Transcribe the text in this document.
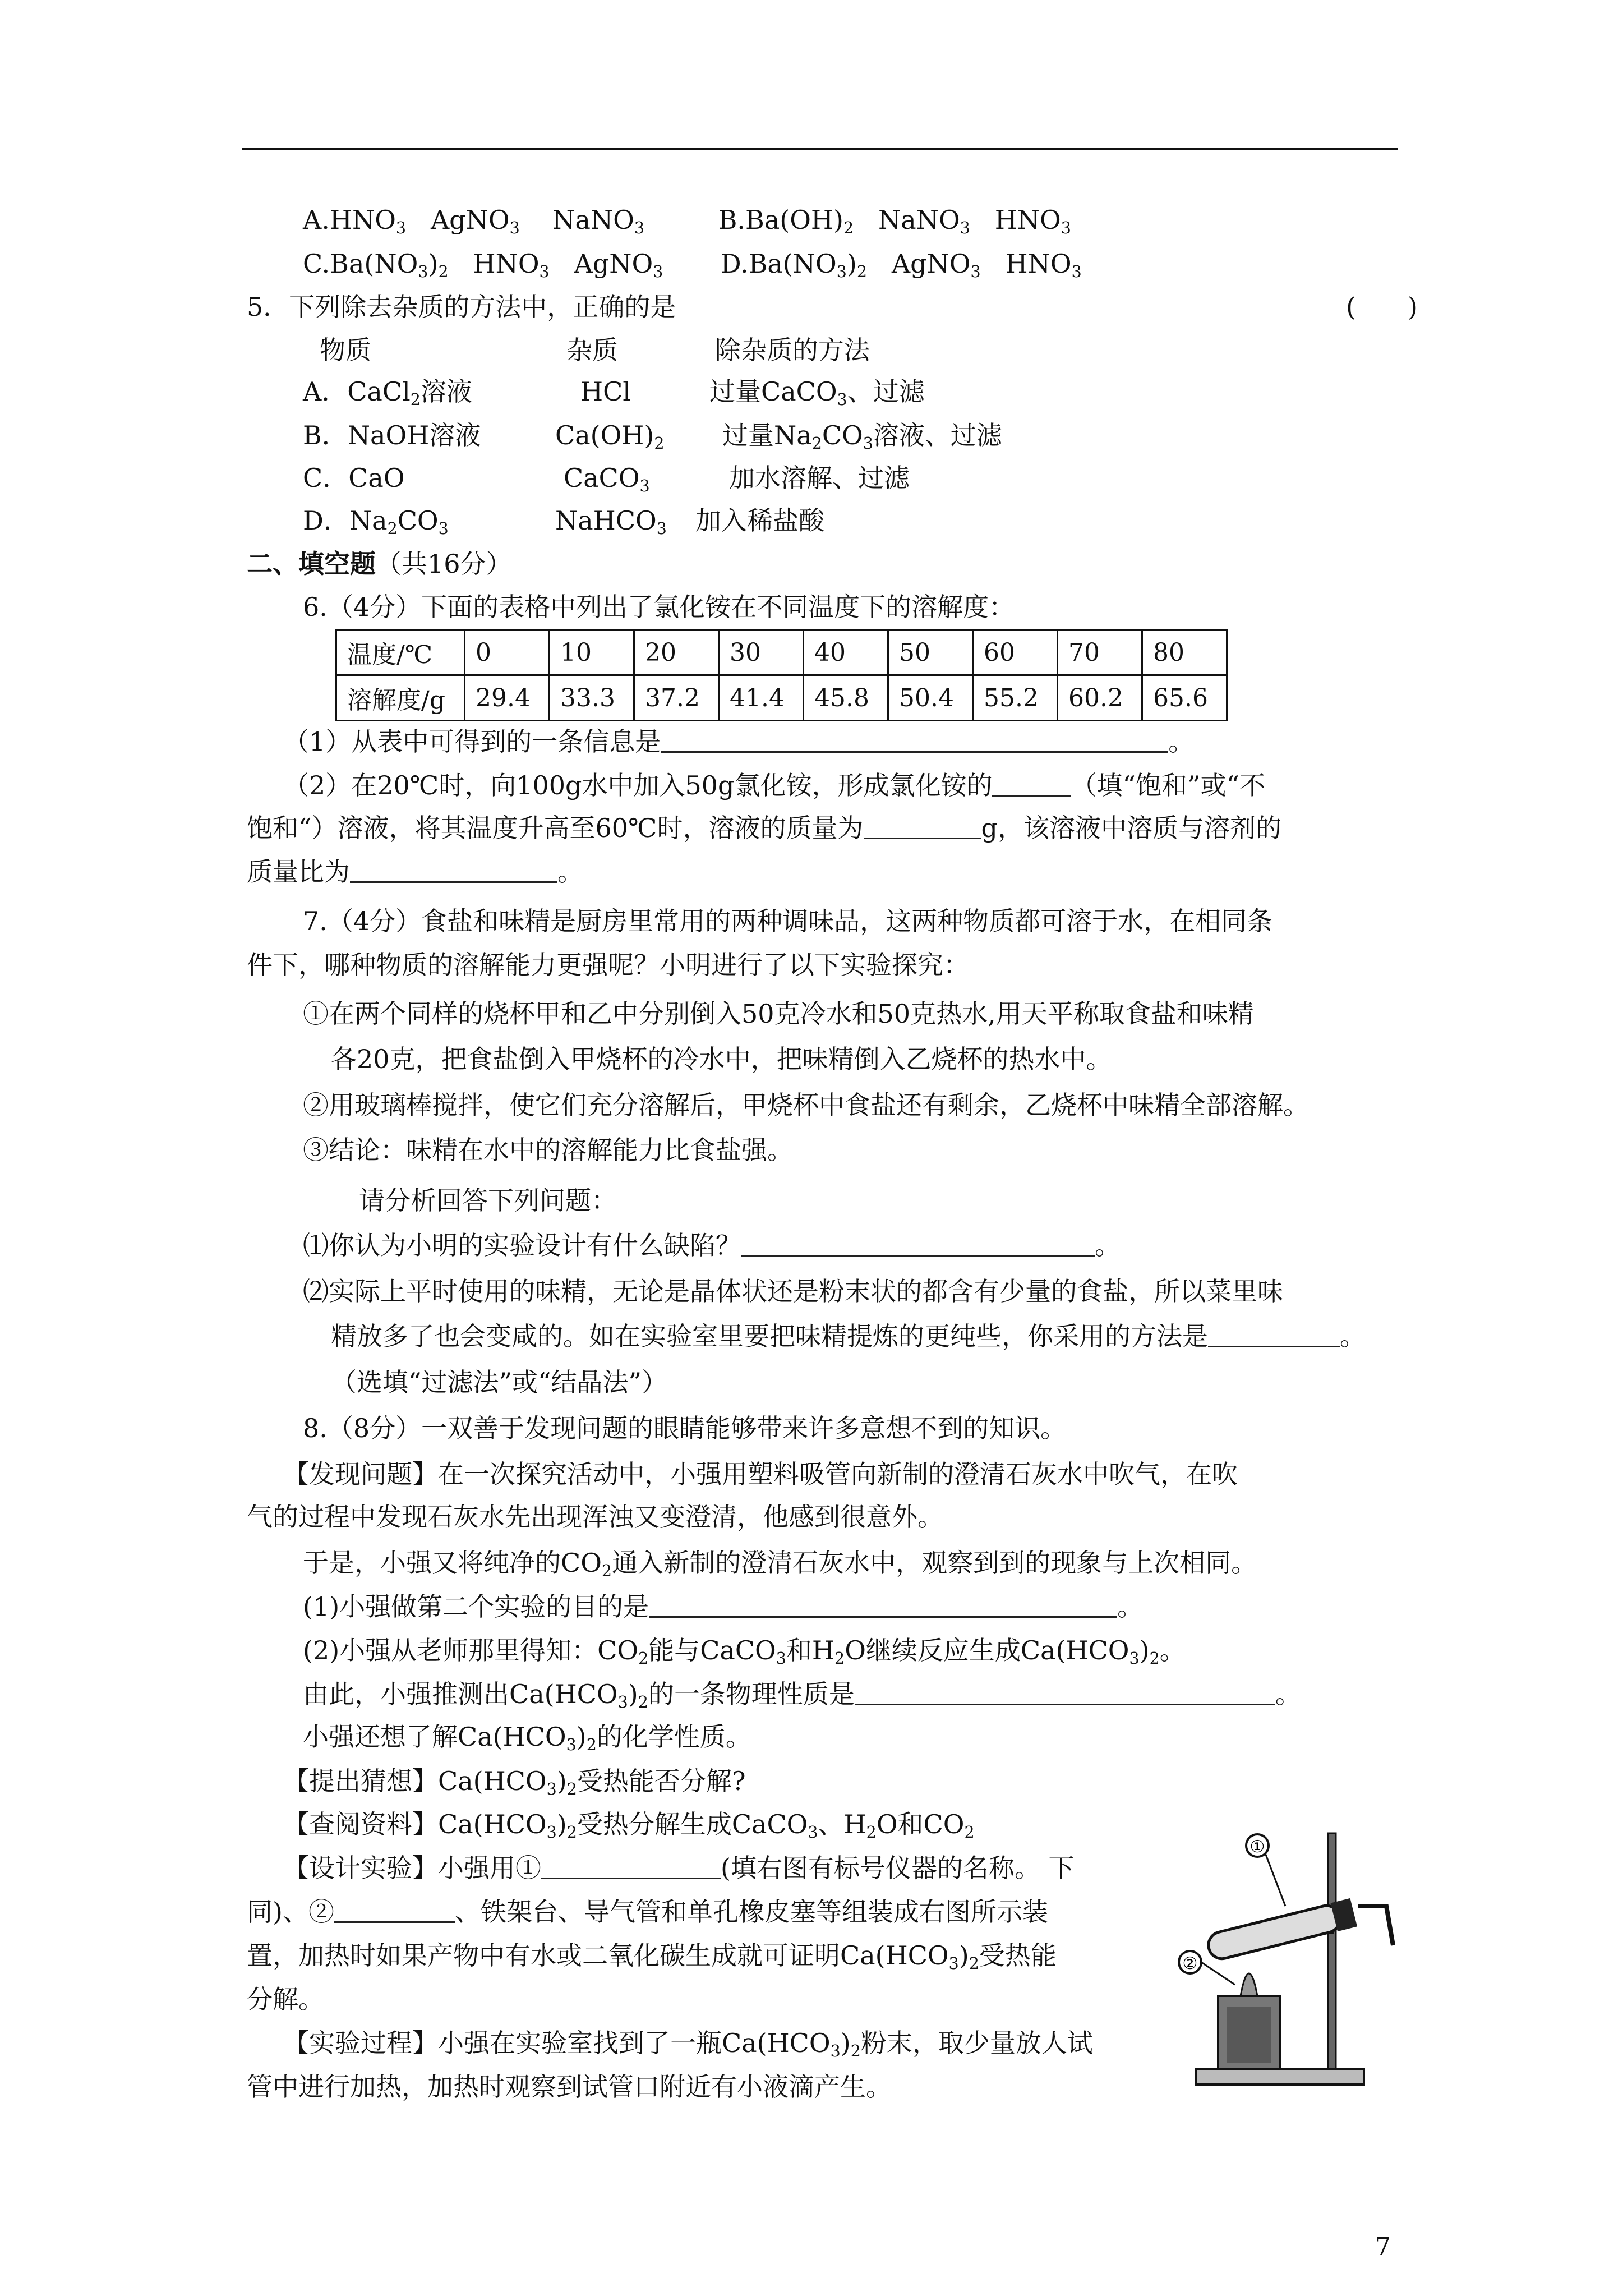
$A.HNO_3$   AgNO$_3$    NaNO$_3$         $B.Ba(OH)_2$   NaNO$_3$   $HNO_3$
$C.Ba(NO_3)_2$   $HNO_3$   AgNO$_3$       $D.Ba(NO_3)_2$   AgNO$_3$   $HNO_3$
5．下列除去杂质的方法中，正确的是	(　　)
物质	杂质	除杂质的方法
A．CaCl$_2$溶液	HCl	过量CaCO$_3$、过滤
B．NaOH溶液	$Ca(OH)_2$ 过量$Na_2CO_3$溶液、过滤
C．CaO	CaCO$_3$	加水溶解、过滤
D．$Na_2CO_3$	NaHCO$_3$ 加入稀盐酸
二、填空题（共16分）
6.（4分）下面的表格中列出了氯化铵在不同温度下的溶解度：
温度/℃	0	10	20	30	40	50	60	70	80
溶解度/g	29.4	33.3	37.2	41.4	45.8	50.4	55.2	60.2	65.6
（1）从表中可得到的一条信息是	。
（2）在20℃时，向100g水中加入50g氯化铵，形成氯化铵的	（填“饱和”或“不
饱和“）溶液，将其温度升高至60℃时，溶液的质量为	g，该溶液中溶质与溶剂的
质量比为	。
7.（4分）食盐和味精是厨房里常用的两种调味品，这两种物质都可溶于水，在相同条
件下，哪种物质的溶解能力更强呢？小明进行了以下实验探究：
①在两个同样的烧杯甲和乙中分别倒入50克冷水和50克热水,用天平称取食盐和味精
各20克，把食盐倒入甲烧杯的冷水中，把味精倒入乙烧杯的热水中。
②用玻璃棒搅拌，使它们充分溶解后，甲烧杯中食盐还有剩余，乙烧杯中味精全部溶解。
③结论：味精在水中的溶解能力比食盐强。
请分析回答下列问题：
⑴你认为小明的实验设计有什么缺陷？	。
⑵实际上平时使用的味精，无论是晶体状还是粉末状的都含有少量的食盐，所以菜里味
精放多了也会变咸的。如在实验室里要把味精提炼的更纯些，你采用的方法是	。
（选填“过滤法”或“结晶法”）
8.（8分）一双善于发现问题的眼睛能够带来许多意想不到的知识。
【发现问题】在一次探究活动中，小强用塑料吸管向新制的澄清石灰水中吹气，在吹
气的过程中发现石灰水先出现浑浊又变澄清，他感到很意外。
于是，小强又将纯净的$CO_2$通入新制的澄清石灰水中，观察到到的现象与上次相同。
(1)小强做第二个实验的目的是	。
(2)小强从老师那里得知：$CO_2$能与CaCO$_3$和$H_2O$继续反应生成$Ca(HCO_3)_2$。
由此，小强推测出$Ca(HCO_3)_2$的一条物理性质是	。
小强还想了解$Ca(HCO_3)_2$的化学性质。
【提出猜想】$Ca(HCO_3)_2$受热能否分解?
【查阅资料】$Ca(HCO_3)_2$受热分解生成CaCO$_3$、$H_2O$和$CO_2$
【设计实验】小强用①	(填右图有标号仪器的名称。 下
同)、②	、铁架台、导气管和单孔橡皮塞等组装成右图所示装
置，加热时如果产物中有水或二氧化碳生成就可证明$Ca(HCO_3)_2$受热能
分解。
【实验过程】小强在实验室找到了一瓶$Ca(HCO_3)_2$粉末，取少量放人试
管中进行加热，加热时观察到试管口附近有小液滴产生。
①
②
7
